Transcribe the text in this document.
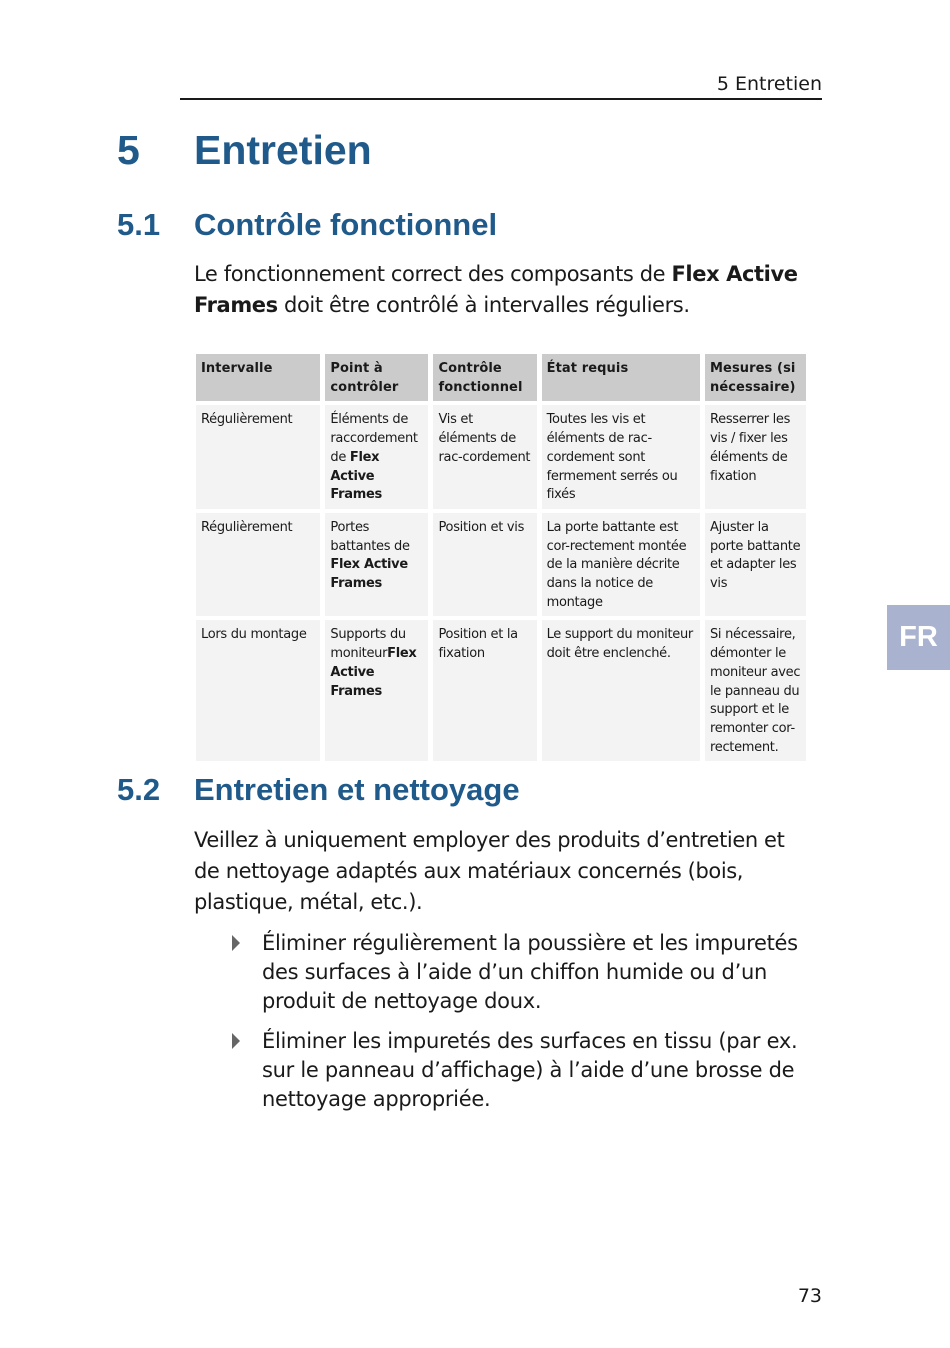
5 Entretien
5 Entretien
5.1 Contrôle fonctionnel
Le fonctionnement correct des composants de Flex Active Frames doit être contrôlé à intervalles réguliers.
Intervalle	Point à contrôler	Contrôle fonctionnel	État requis	Mesures (si nécessaire)
Régulièrement	Éléments de raccordement de Flex Active Frames	Vis et éléments de rac-cordement	Toutes les vis et éléments de rac-cordement sont fermement serrés ou fixés	Resserrer les vis / fixer les éléments de fixation
Régulièrement	Portes battantes de Flex Active Frames	Position et vis	La porte battante est cor-rectement montée de la manière décrite dans la notice de montage	Ajuster la porte battante et adapter les vis
Lors du montage	Supports du moniteurFlex Active Frames	Position et la fixation	Le support du moniteur doit être enclenché.	Si nécessaire, démonter le moniteur avec le panneau du support et le remonter cor-rectement.
5.2 Entretien et nettoyage
Veillez à uniquement employer des produits d’entretien et de nettoyage adaptés aux matériaux concernés (bois, plastique, métal, etc.).
Éliminer régulièrement la poussière et les impuretés des surfaces à l’aide d’un chiffon humide ou d’un produit de nettoyage doux.
Éliminer les impuretés des surfaces en tissu (par ex. sur le panneau d’affichage) à l’aide d’une brosse de nettoyage appropriée.
FR
73
